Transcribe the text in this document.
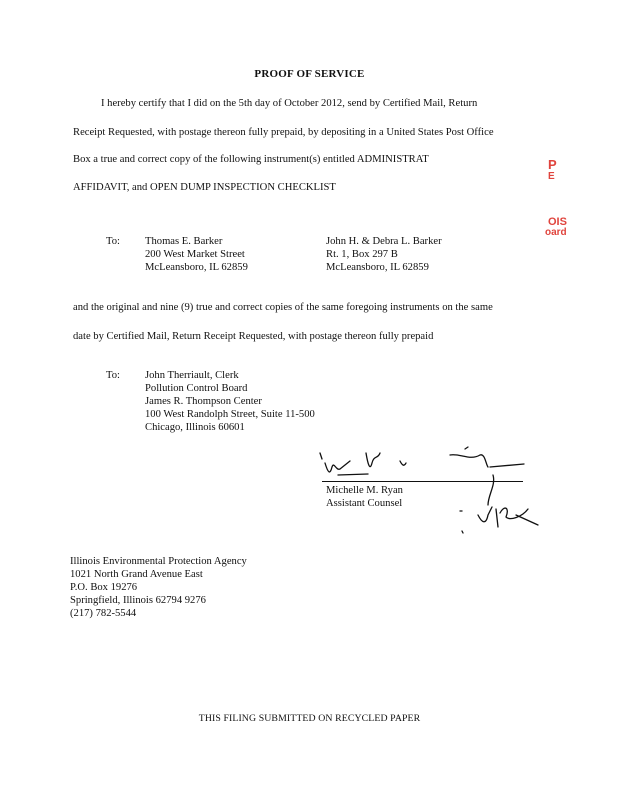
PROOF OF SERVICE
I hereby certify that I did on the 5th day of October 2012, send by Certified Mail, Return
Receipt Requested, with postage thereon fully prepaid, by depositing in a United States Post Office
Box a true and correct copy of the following instrument(s) entitled ADMINISTRAT
AFFIDAVIT, and OPEN DUMP INSPECTION CHECKLIST
P
E
OIS
oard
To: Thomas E. Barker
200 West Market Street
McLeansboro, IL 62859
John H. & Debra L. Barker
Rt. 1, Box 297 B
McLeansboro, IL 62859
and the original and nine (9) true and correct copies of the same foregoing instruments on the same
date by Certified Mail, Return Receipt Requested, with postage thereon fully prepaid
To: John Therriault, Clerk
Pollution Control Board
James R. Thompson Center
100 West Randolph Street, Suite 11-500
Chicago, Illinois 60601
Michelle M. Ryan
Assistant Counsel
Illinois Environmental Protection Agency
1021 North Grand Avenue East
P.O. Box 19276
Springfield, Illinois 62794 9276
(217) 782-5544
THIS FILING SUBMITTED ON RECYCLED PAPER
